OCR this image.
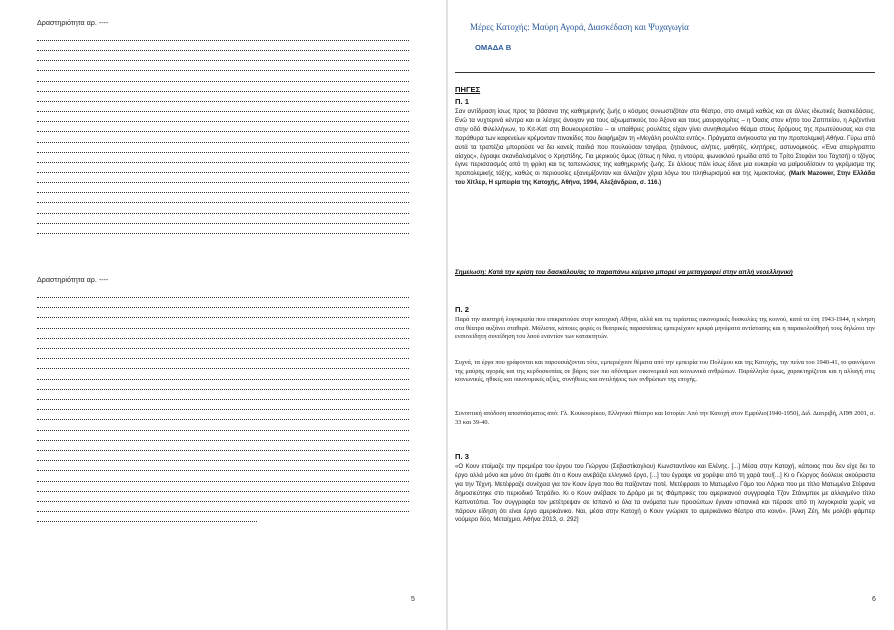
Δραστηριότητα αρ. ----
Δραστηριότητα αρ. ----
5
Μέρες Κατοχής: Μαύρη Αγορά, Διασκέδαση και Ψυχαγωγία
ΟΜΑΔΑ Β
ΠΗΓΕΣ
Π. 1

Σαν αντίδραση ίσως προς τα βάσανα της καθημερινής ζωής ο κόσμος συνωστιζόταν στο θέατρο, στο σινεμά καθώς και σε άλλες ιδιωτικές διασκεδάσεις. Ενώ τα νυχτερινά κέντρα και οι λέσχες άνοιγαν για τους αξιωματικούς του Άξονα και τους μαυραγορίτες – η Όασις στον κήπο του Ζαππείου, η Αρζεντίνα στην οδό Φιλελλήνων, το Κιτ-Κατ στη Βουκουρεστίου – οι υπαίθριες ρουλέτες είχαν γίνει συνηθισμένο θέαμα στους δρόμους της πρωτεύουσας και στα παράθυρα των καφενείων κρέμονταν πινακίδες που διαφήμιζαν τη «Μεγάλη ρουλέτα εντός». Πράγματα ανήκουστα για την προπολεμική Αθήνα. Γύρω από αυτά τα τραπέζια μπορούσε να δει κανείς παιδιά που πουλούσαν τσιγάρα, ζητιάνους, αλήτες, μαθητές, κλητήρες, αστυνομικούς. «Ένα απερίγραπτο αίσχος», έγραψε σκανδαλισμένος ο Χρηστίδης. Για μερικούς όμως (όπως η Νίνα, η ντούρα, φωνακλού ηρωίδα από το Τρίτο Στεφάνι του Ταχτσή) ο τζόγος έγινε περισσασμός από τη φρίκη και τις ταπεινώσεις της καθημερινής ζωής. Σε άλλους πάλι ίσως έδινε μια ευκαιρία να μαϊμουδίσουν το γκρέμισμα της προπολεμικής τάξης, καθώς οι περιουσίες εξανεμίζονταν και άλλαζαν χέρια λόγω του πληθωρισμού και της λιμοκτονίας. (Mark Mazower, Στην Ελλάδα του Χίτλερ, Η εμπειρία της Κατοχής, Αθήνα, 1994, Αλεξάνδρεια, σ. 116.)

Σημείωση: Κατά την κρίση του δασκάλου/ας το παραπάνω κείμενο μπορεί να μεταγραφεί στην απλή νεοελληνική
Π. 2

Παρά την αυστηρή λογοκρισία που επικρατούσε στην κατοχική Αθήνα, αλλά και τις τεράστιες οικονομικές δυσκολίες της κοινού, κατά τα έτη 1943-1944, η κίνηση στα θέατρα αυξάνει σταθερά. Μάλιστα, κάποιες φορές οι θεατρικές παραστάσεις εμπεριέχουν κρυφά μηνύματα αντίστασης και η παρακολούθησή τους δηλώνει την ενσυνείδητη συνείδηση του λαού εναντίον των κατακτητών.

Συχνά, τα έργα που γράφονται και παρουσιάζονται τότε, εμπεριέχουν θέματα από την εμπειρία του Πολέμου και της Κατοχής, την πείνα του 1940-41, το φαινόμενο της μαύρης αγοράς και της κερδοσκοπίας σε βάρος των πιο αδύναμων οικονομικά και κοινωνικά ανθρώπων. Παράλληλα όμως, χαρακτηρίζεται και η αλλαγή στις κοινωνικές, ηθικές και οικονομικές αξίες, συνήθειες και αντιλήψεις των ανθρώπων της εποχής.

Συνοπτική απόδοση αποσπάσματος από: Γλ. Κουκουρίκου, Ελληνικό Θέατρο και Ιστορία: Από την Κατοχή στον Εμφύλιο(1940-1950), Διδ. Διατριβή, ΑΠΘ 2001, σ. 33 και 39-40.

Π. 3

«Ο Κουν ετοίμαζε την πρεμιέρα του έργου του Γιώργου (Σεβαστίκογλου) Κωνσταντίνου και Ελένης. [...] Μέσα στην Κατοχή, κάποιος που δεν είχε δει το έργο αλλά μόνο και μόνο ότι έμαθε ότι ο Κουν ανεβάζει ελληνικό έργο, [...] του έγραψε να χορέψει από τη χαρά του![...] Κι ο Γιώργος δούλευε ακούραστα για την Τέχνη. Μετέφραζε συνέχεια για τον Κουν έργα που θα παίζονταν ποτέ. Μετέφρασε το Ματωμένο Γάμο του Λόρκα που με τίτλο Ματωμένα Στέφανα δημοσιεύτηκε στο περιοδικό Τετράδιο. Κι ο Κουν ανέβασε το Δρόμο με τις Φάμπρικες του αμερικανού συγγραφέα Τζον Στάινμπεκ με αλλαγμένο τίτλο Καπνοτόπια. Τον συγγραφέα τον μετέτρεψαν σε Ισπανό κι όλα τα ονόματα των προσώπων έγιναν ισπανικά και πέρασε από τη λογοκρισία χωρίς να πάρουν είδηση ότι είναι έργο αμερικάνικο. Ναι, μέσα στην Κατοχή ο Κουν γνώρισε το αμερικάνικο θέατρο στο κοινό». [Άλκη Ζέη, Με μολύβι φάμπερ νούμερο δύο, Μεταίχμιο, Αθήνα 2013, σ. 292]

6
